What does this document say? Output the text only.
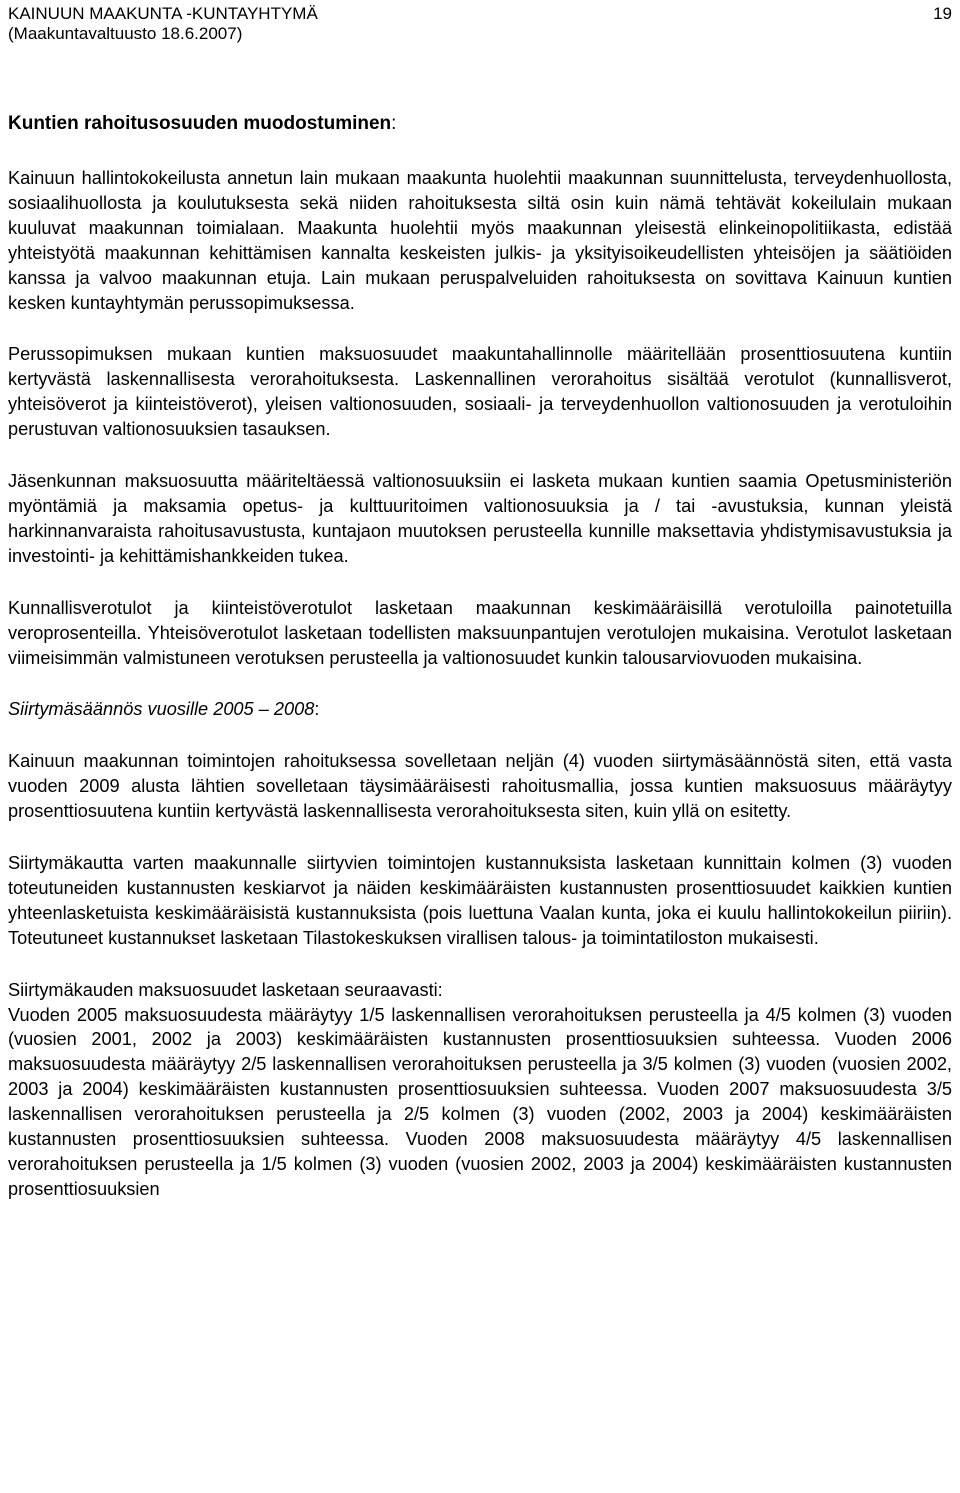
KAINUUN MAAKUNTA -KUNTAYHTYMÄ
(Maakuntavaltuusto 18.6.2007)
19
Kuntien rahoitusosuuden muodostuminen:

Kainuun hallintokokeilusta annetun lain mukaan maakunta huolehtii maakunnan suunnittelusta, terveydenhuollosta, sosiaalihuollosta ja koulutuksesta sekä niiden rahoituksesta siltä osin kuin nämä tehtävät kokeilulain mukaan kuuluvat maakunnan toimialaan. Maakunta huolehtii myös maakunnan yleisestä elinkeinopolitiikasta, edistää yhteistyötä maakunnan kehittämisen kannalta keskeisten julkis- ja yksityisoikeudellisten yhteisöjen ja säätiöiden kanssa ja valvoo maakunnan etuja. Lain mukaan peruspalveluiden rahoituksesta on sovittava Kainuun kuntien kesken kuntayhtymän perussopimuksessa.

Perussopimuksen mukaan kuntien maksuosuudet maakuntahallinnolle määritellään prosenttiosuutena kuntiin kertyvästä laskennallisesta verorahoituksesta. Laskennallinen verorahoitus sisältää verotulot (kunnallisverot, yhteisöverot ja kiinteistöverot), yleisen valtionosuuden, sosiaali- ja terveydenhuollon valtionosuuden ja verotuloihin perustuvan valtionosuuksien tasauksen.

Jäsenkunnan maksuosuutta määriteltäessä valtionosuuksiin ei lasketa mukaan kuntien saamia Opetusministeriön myöntämiä ja maksamia opetus- ja kulttuuritoimen valtionosuuksia ja / tai -avustuksia, kunnan yleistä harkinnanvaraista rahoitusavustusta, kuntajaon muutoksen perusteella kunnille maksettavia yhdistymisavustuksia ja investointi- ja kehittämishankkeiden tukea.

Kunnallisverotulot ja kiinteistöverotulot lasketaan maakunnan keskimääräisillä verotuloilla painotetuilla veroprosenteilla. Yhteisöverotulot lasketaan todellisten maksuunpantujen verotulojen mukaisina. Verotulot lasketaan viimeisimmän valmistuneen verotuksen perusteella ja valtionosuudet kunkin talousarviovuoden mukaisina.

Siirtymäsäännös vuosille 2005 – 2008:

Kainuun maakunnan toimintojen rahoituksessa sovelletaan neljän (4) vuoden siirtymäsäännöstä siten, että vasta vuoden 2009 alusta lähtien sovelletaan täysimääräisesti rahoitusmallia, jossa kuntien maksuosuus määräytyy prosenttiosuutena kuntiin kertyvästä laskennallisesta verorahoituksesta siten, kuin yllä on esitetty.

Siirtymäkautta varten maakunnalle siirtyvien toimintojen kustannuksista lasketaan kunnittain kolmen (3) vuoden toteutuneiden kustannusten keskiarvot ja näiden keskimääräisten kustannusten prosenttiosuudet kaikkien kuntien yhteenlasketuista keskimääräisistä kustannuksista (pois luettuna Vaalan kunta, joka ei kuulu hallintokokeilun piiriin). Toteutuneet kustannukset lasketaan Tilastokeskuksen virallisen talous- ja toimintatiloston mukaisesti.

Siirtymäkauden maksuosuudet lasketaan seuraavasti:

Vuoden 2005 maksuosuudesta määräytyy 1/5 laskennallisen verorahoituksen perusteella ja 4/5 kolmen (3) vuoden (vuosien 2001, 2002 ja 2003) keskimääräisten kustannusten prosenttiosuuksien suhteessa. Vuoden 2006 maksuosuudesta määräytyy 2/5 laskennallisen verorahoituksen perusteella ja 3/5 kolmen (3) vuoden (vuosien 2002, 2003 ja 2004) keskimääräisten kustannusten prosenttiosuuksien suhteessa. Vuoden 2007 maksuosuudesta 3/5 laskennallisen verorahoituksen perusteella ja 2/5 kolmen (3) vuoden (2002, 2003 ja 2004) keskimääräisten kustannusten prosenttiosuuksien suhteessa. Vuoden 2008 maksuosuudesta määräytyy 4/5 laskennallisen verorahoituksen perusteella ja 1/5 kolmen (3) vuoden (vuosien 2002, 2003 ja 2004) keskimääräisten kustannusten prosenttiosuuksien
